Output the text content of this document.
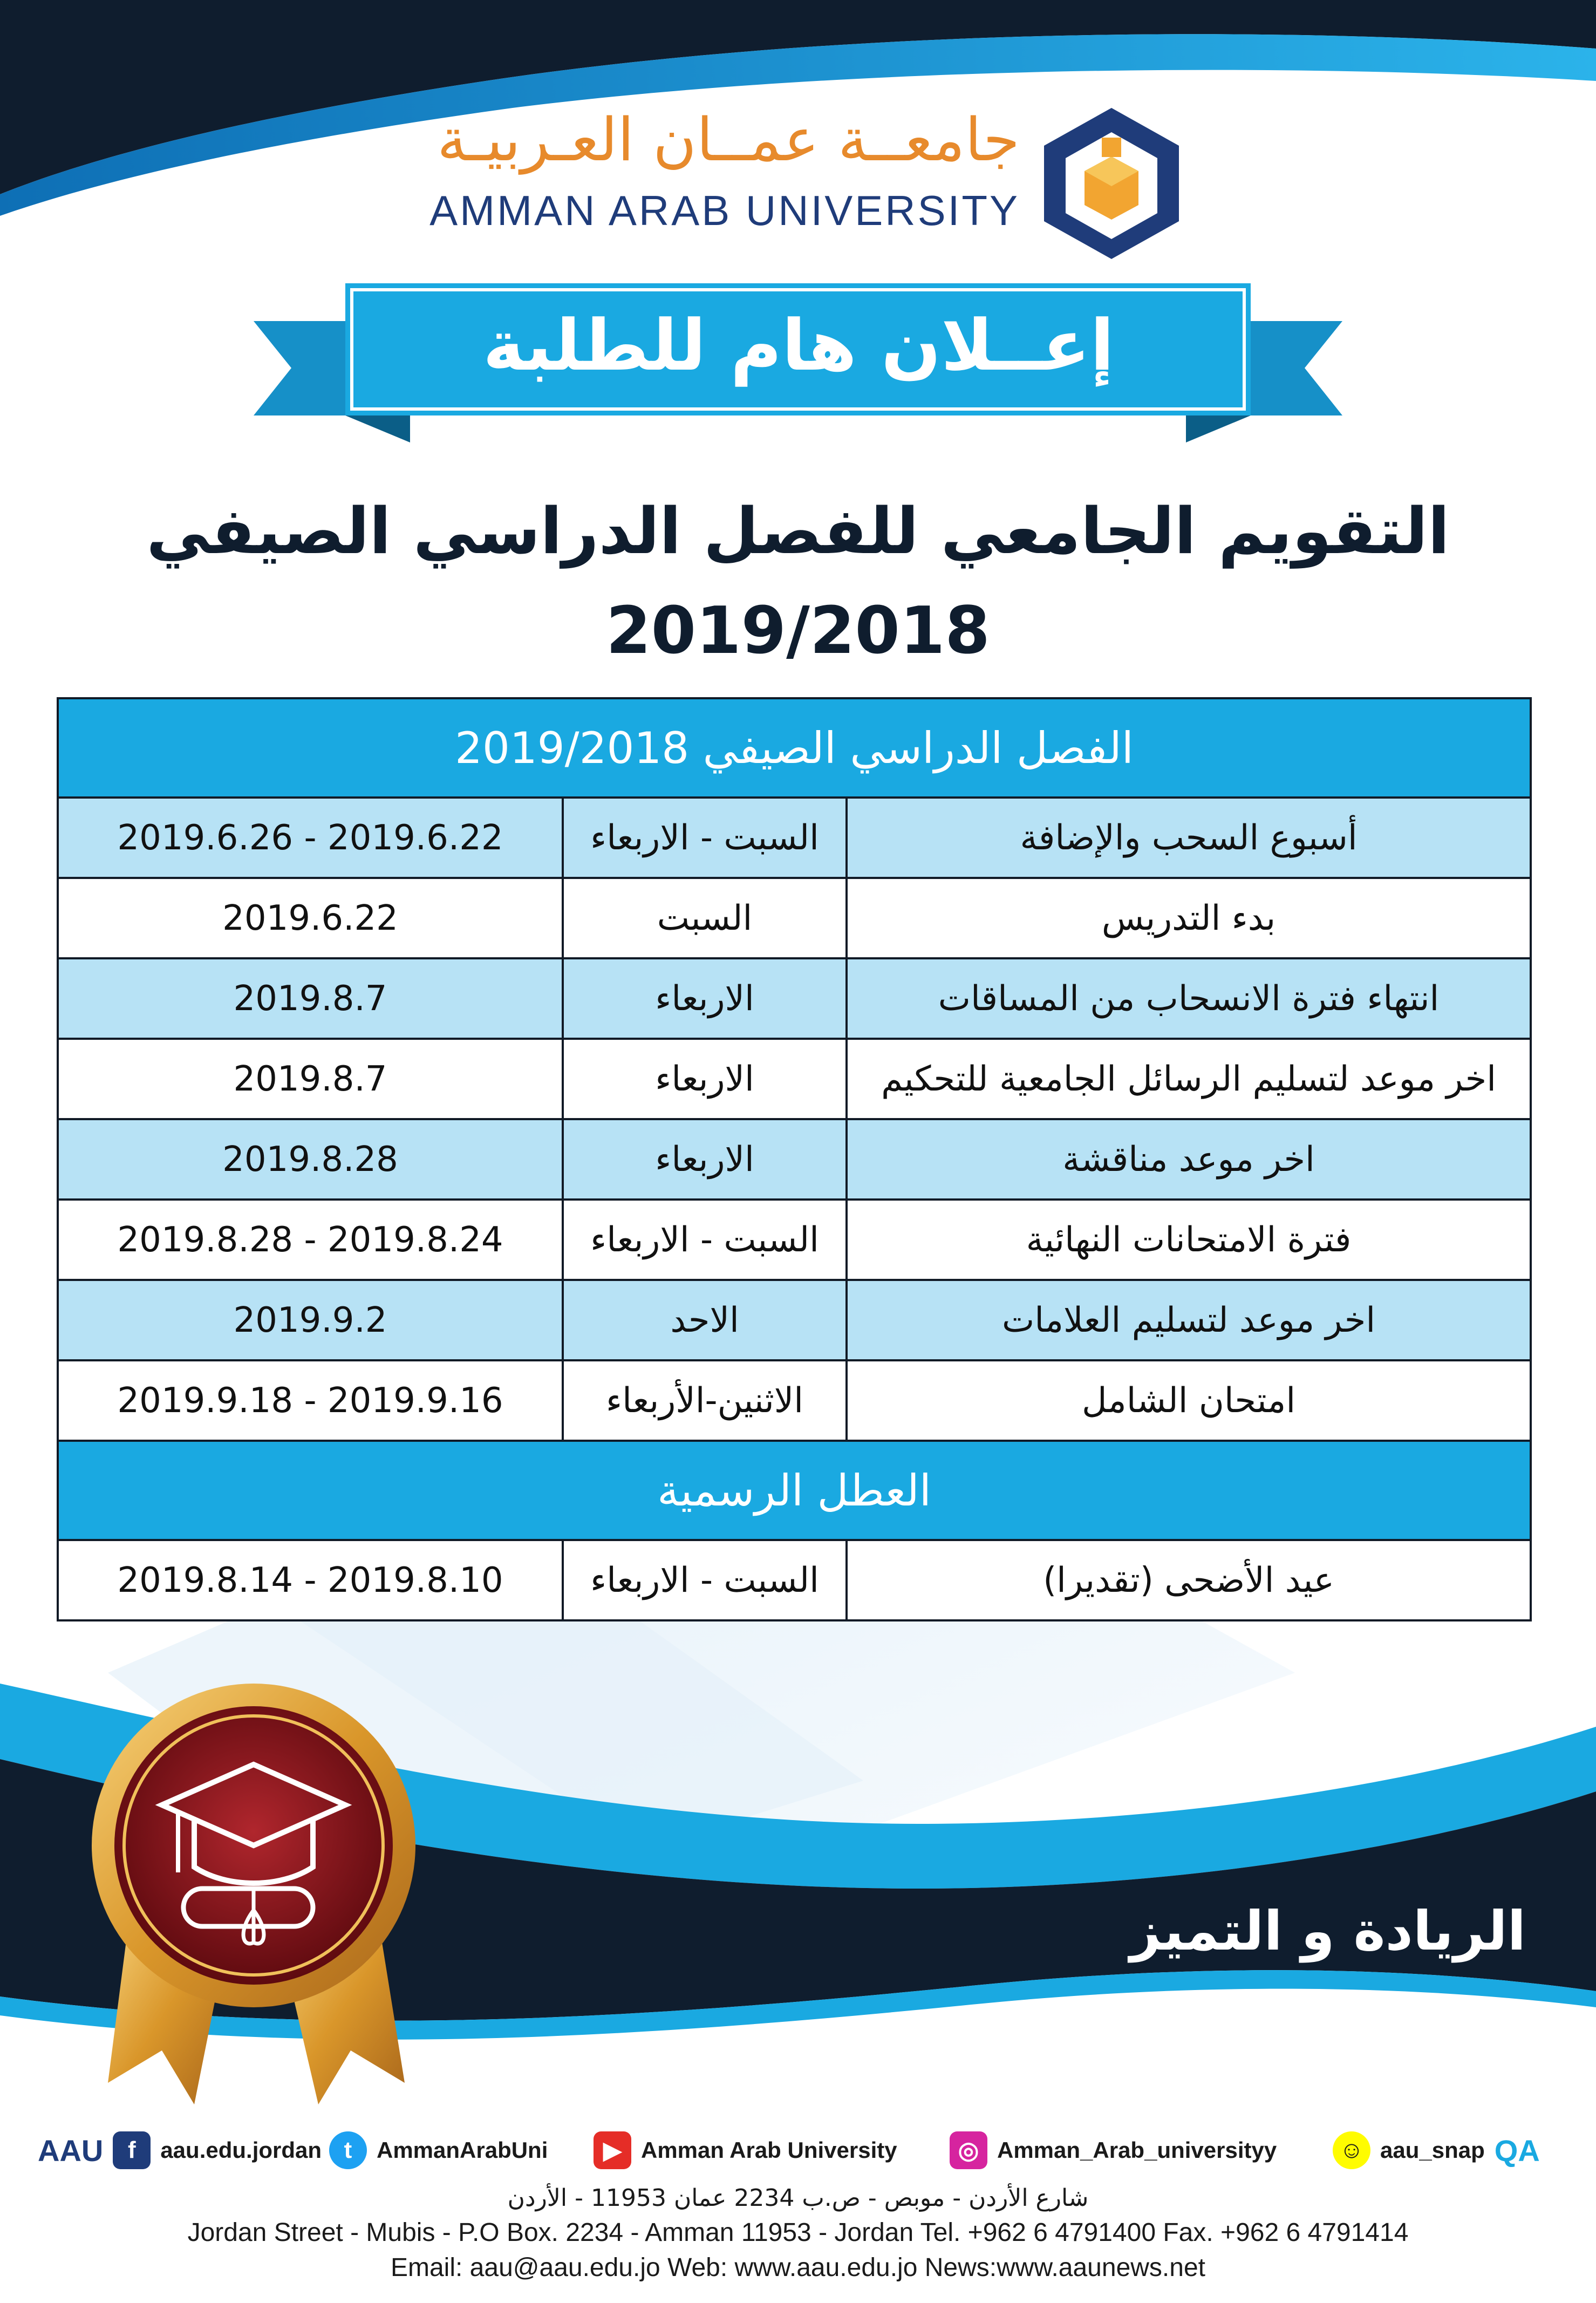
جامعــة عمــان العـربيـة
AMMAN ARAB UNIVERSITY
إعــلان هام للطلبة
التقويم الجامعي للفصل الدراسي الصيفي
2019/2018
الفصل الدراسي الصيفي 2019/2018		
أسبوع السحب والإضافة	السبت - الاربعاء	2019.6.26 - 2019.6.22
بدء التدريس	السبت	2019.6.22
انتهاء فترة الانسحاب من المساقات	الاربعاء	2019.8.7
اخر موعد لتسليم الرسائل الجامعية للتحكيم	الاربعاء	2019.8.7
اخر موعد مناقشة	الاربعاء	2019.8.28
فترة الامتحانات النهائية	السبت - الاربعاء	2019.8.28 - 2019.8.24
اخر موعد لتسليم العلامات	الاحد	2019.9.2
امتحان الشامل	الاثنين-الأربعاء	2019.9.18 - 2019.9.16
العطل الرسمية		
عيد الأضحى (تقديرا)	السبت - الاربعاء	2019.8.14 - 2019.8.10
الريادة و التميز
AAU	f	aau.edu.jordan t	AmmanArabUni	▶ Amman Arab University	◎ Amman_Arab_universityy	☺ aau_snap QA
شارع الأردن - موبص - ص.ب 2234 عمان 11953 - الأردن
Jordan Street - Mubis - P.O Box. 2234 - Amman 11953 - Jordan Tel. +962 6 4791400 Fax. +962 6 4791414
Email: aau@aau.edu.jo Web: www.aau.edu.jo News:www.aaunews.net
